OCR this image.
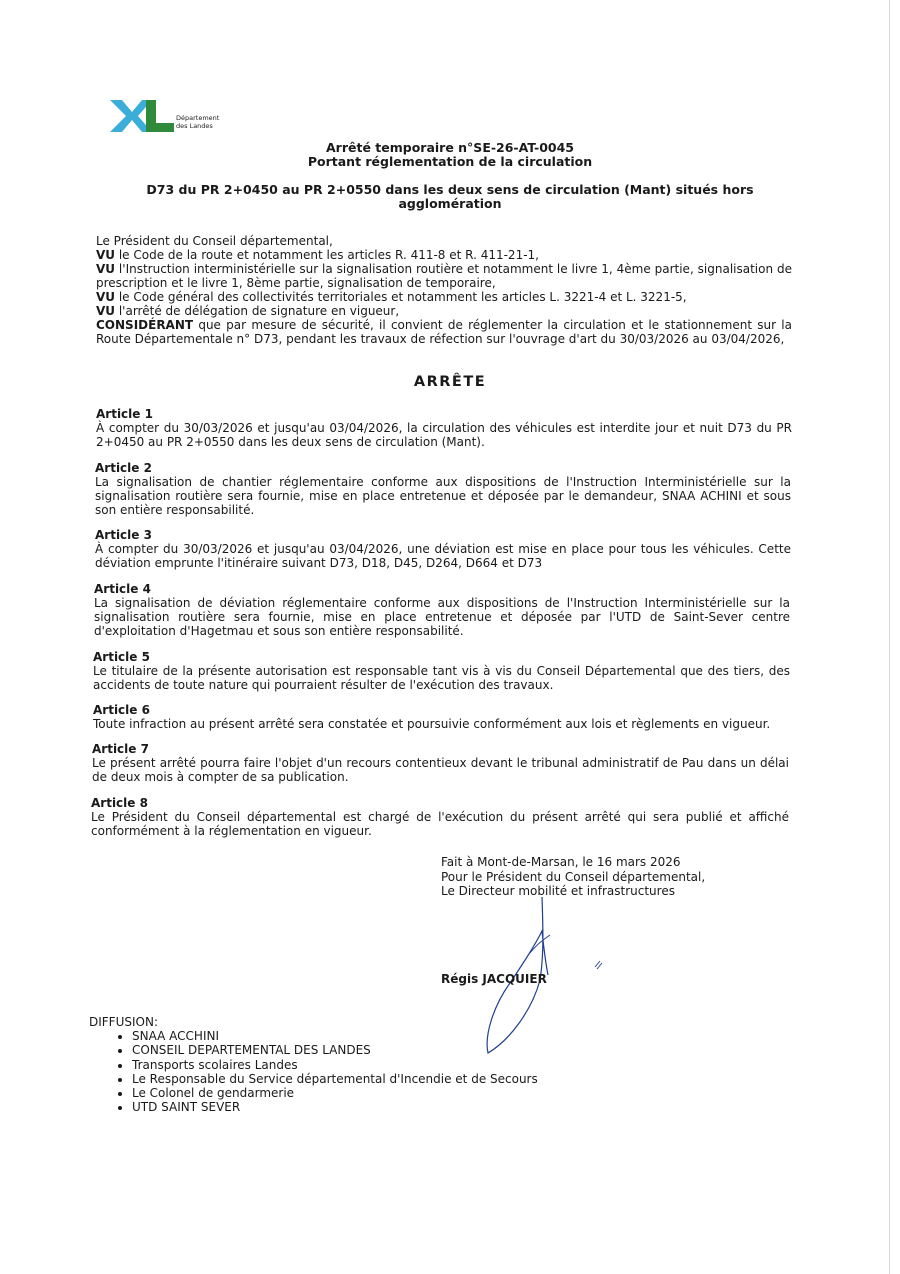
Département
des Landes
Arrêté temporaire n°SE-26-AT-0045
Portant réglementation de la circulation
D73 du PR 2+0450 au PR 2+0550 dans les deux sens de circulation (Mant) situés hors agglomération

Le Président du Conseil départemental,

VU le Code de la route et notamment les articles R. 411-8 et R. 411-21-1,

VU l'Instruction interministérielle sur la signalisation routière et notamment le livre 1, 4ème partie, signalisation de prescription et le livre 1, 8ème partie, signalisation de temporaire,

VU le Code général des collectivités territoriales et notamment les articles L. 3221-4 et L. 3221-5,

VU l'arrêté de délégation de signature en vigueur,

CONSIDÉRANT que par mesure de sécurité, il convient de réglementer la circulation et le stationnement sur la Route Départementale n° D73, pendant les travaux de réfection sur l'ouvrage d'art du 30/03/2026 au 03/04/2026,

ARRÊTE

Article 1

À compter du 30/03/2026 et jusqu'au 03/04/2026, la circulation des véhicules est interdite jour et nuit D73 du PR 2+0450 au PR 2+0550 dans les deux sens de circulation (Mant).

Article 2

La signalisation de chantier réglementaire conforme aux dispositions de l'Instruction Interministérielle sur la signalisation routière sera fournie, mise en place entretenue et déposée par le demandeur, SNAA ACHINI et sous son entière responsabilité.

Article 3

À compter du 30/03/2026 et jusqu'au 03/04/2026, une déviation est mise en place pour tous les véhicules. Cette déviation emprunte l'itinéraire suivant D73, D18, D45, D264, D664 et D73

Article 4

La signalisation de déviation réglementaire conforme aux dispositions de l'Instruction Interministérielle sur la signalisation routière sera fournie, mise en place entretenue et déposée par l'UTD de Saint-Sever centre d'exploitation d'Hagetmau et sous son entière responsabilité.

Article 5

Le titulaire de la présente autorisation est responsable tant vis à vis du Conseil Départemental que des tiers, des accidents de toute nature qui pourraient résulter de l'exécution des travaux.

Article 6

Toute infraction au présent arrêté sera constatée et poursuivie conformément aux lois et règlements en vigueur.

Article 7

Le présent arrêté pourra faire l'objet d'un recours contentieux devant le tribunal administratif de Pau dans un délai de deux mois à compter de sa publication.

Article 8

Le Président du Conseil départemental est chargé de l'exécution du présent arrêté qui sera publié et affiché conformément à la réglementation en vigueur.

Fait à Mont-de-Marsan, le 16 mars 2026
Pour le Président du Conseil départemental,
Le Directeur mobilité et infrastructures
Régis JACQUIER
DIFFUSION:
• SNAA ACCHINI
• CONSEIL DEPARTEMENTAL DES LANDES
• Transports scolaires Landes
• Le Responsable du Service départemental d'Incendie et de Secours
• Le Colonel de gendarmerie
• UTD SAINT SEVER
